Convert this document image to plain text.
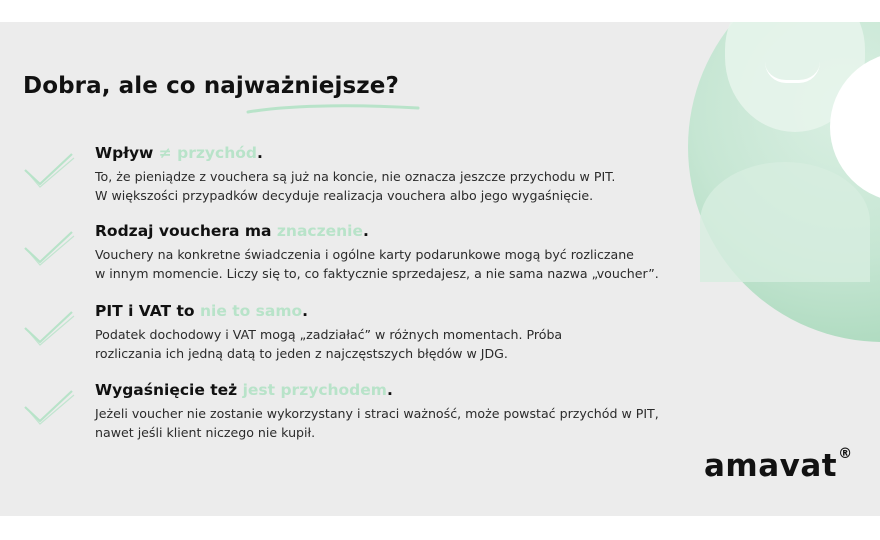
Dobra, ale co najważniejsze?
Wpływ ≠ przychód.
To, że pieniądze z vouchera są już na koncie, nie oznacza jeszcze przychodu w PIT.
W większości przypadków decyduje realizacja vouchera albo jego wygaśnięcie.
Rodzaj vouchera ma znaczenie.
Vouchery na konkretne świadczenia i ogólne karty podarunkowe mogą być rozliczane
w innym momencie. Liczy się to, co faktycznie sprzedajesz, a nie sama nazwa „voucher”.
PIT i VAT to nie to samo.
Podatek dochodowy i VAT mogą „zadziałać” w różnych momentach. Próba
rozliczania ich jedną datą to jeden z najczęstszych błędów w JDG.
Wygaśnięcie też jest przychodem.
Jeżeli voucher nie zostanie wykorzystany i straci ważność, może powstać przychód w PIT,
nawet jeśli klient niczego nie kupił.
amavat®
